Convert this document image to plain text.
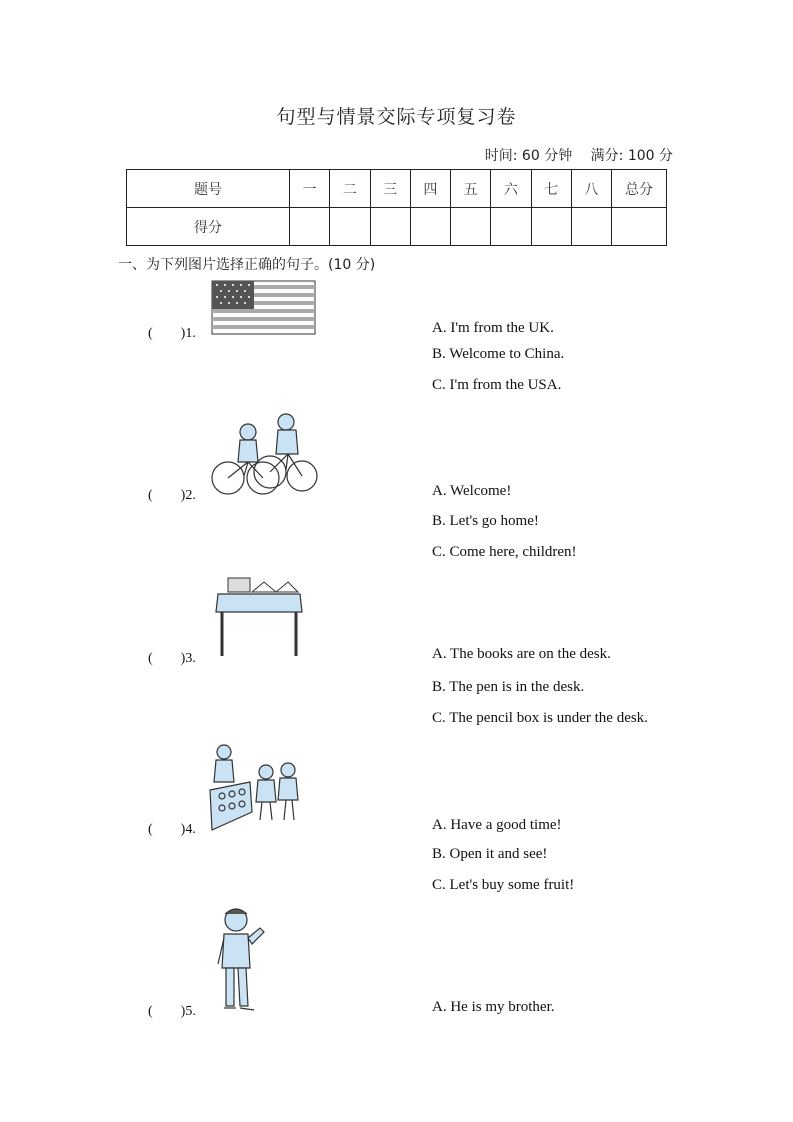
句型与情景交际专项复习卷
时间: 60 分钟 满分: 100 分
题号	一	二	三	四	五	六	七	八	总分
得分									
一、为下列图片选择正确的句子。(10 分)
(　　)1.	A. I'm from the UK.
B. Welcome to China.
C. I'm from the USA.
(　　)2.	A. Welcome!
B. Let's go home!
C. Come here, children!
(　　)3.	A. The books are on the desk.
B. The pen is in the desk.
C. The pencil box is under the desk.
(　　)4.	A. Have a good time!
B. Open it and see!
C. Let's buy some fruit!
(　　)5.	A. He is my brother.
